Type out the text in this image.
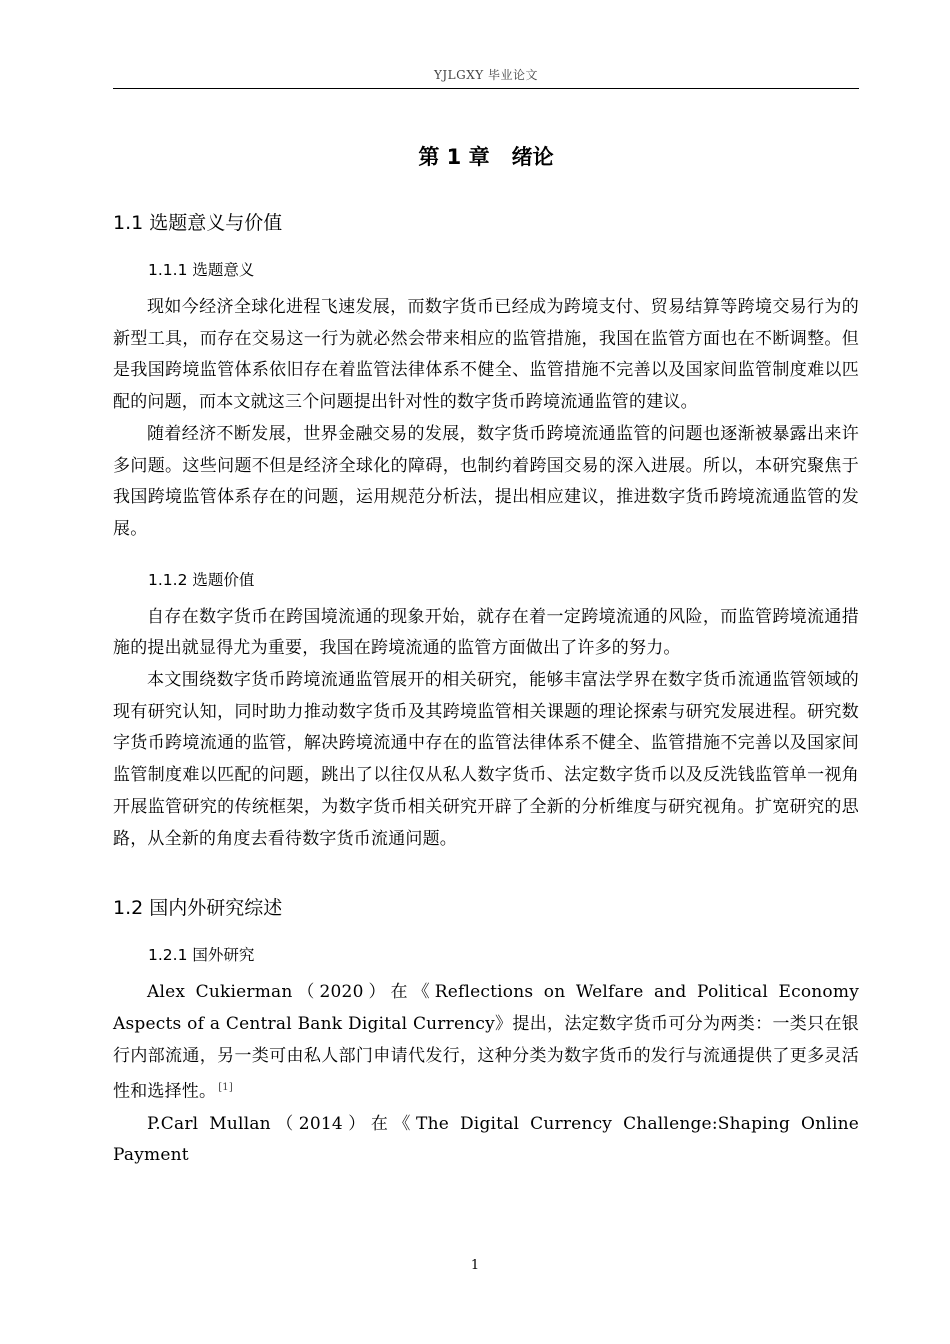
YJLGXY 毕业论文
第 1 章 绪论
1.1 选题意义与价值
1.1.1 选题意义

现如今经济全球化进程飞速发展，而数字货币已经成为跨境支付、贸易结算等跨境交易行为的新型工具，而存在交易这一行为就必然会带来相应的监管措施，我国在监管方面也在不断调整。但是我国跨境监管体系依旧存在着监管法律体系不健全、监管措施不完善以及国家间监管制度难以匹配的问题，而本文就这三个问题提出针对性的数字货币跨境流通监管的建议。

随着经济不断发展，世界金融交易的发展，数字货币跨境流通监管的问题也逐渐被暴露出来许多问题。这些问题不但是经济全球化的障碍，也制约着跨国交易的深入进展。所以，本研究聚焦于我国跨境监管体系存在的问题，运用规范分析法，提出相应建议，推进数字货币跨境流通监管的发展。

1.1.2 选题价值

自存在数字货币在跨国境流通的现象开始，就存在着一定跨境流通的风险，而监管跨境流通措施的提出就显得尤为重要，我国在跨境流通的监管方面做出了许多的努力。

本文围绕数字货币跨境流通监管展开的相关研究，能够丰富法学界在数字货币流通监管领域的现有研究认知，同时助力推动数字货币及其跨境监管相关课题的理论探索与研究发展进程。研究数字货币跨境流通的监管，解决跨境流通中存在的监管法律体系不健全、监管措施不完善以及国家间监管制度难以匹配的问题，跳出了以往仅从私人数字货币、法定数字货币以及反洗钱监管单一视角开展监管研究的传统框架，为数字货币相关研究开辟了全新的分析维度与研究视角。扩宽研究的思路，从全新的角度去看待数字货币流通问题。

1.2 国内外研究综述
1.2.1 国外研究

Alex Cukierman（2020）在《Reflections on Welfare and Political Economy Aspects of a Central Bank Digital Currency》提出，法定数字货币可分为两类：一类只在银行内部流通，另一类可由私人部门申请代发行，这种分类为数字货币的发行与流通提供了更多灵活性和选择性。 [1]

P.Carl Mullan（2014）在《The Digital Currency Challenge:Shaping Online Payment

1
